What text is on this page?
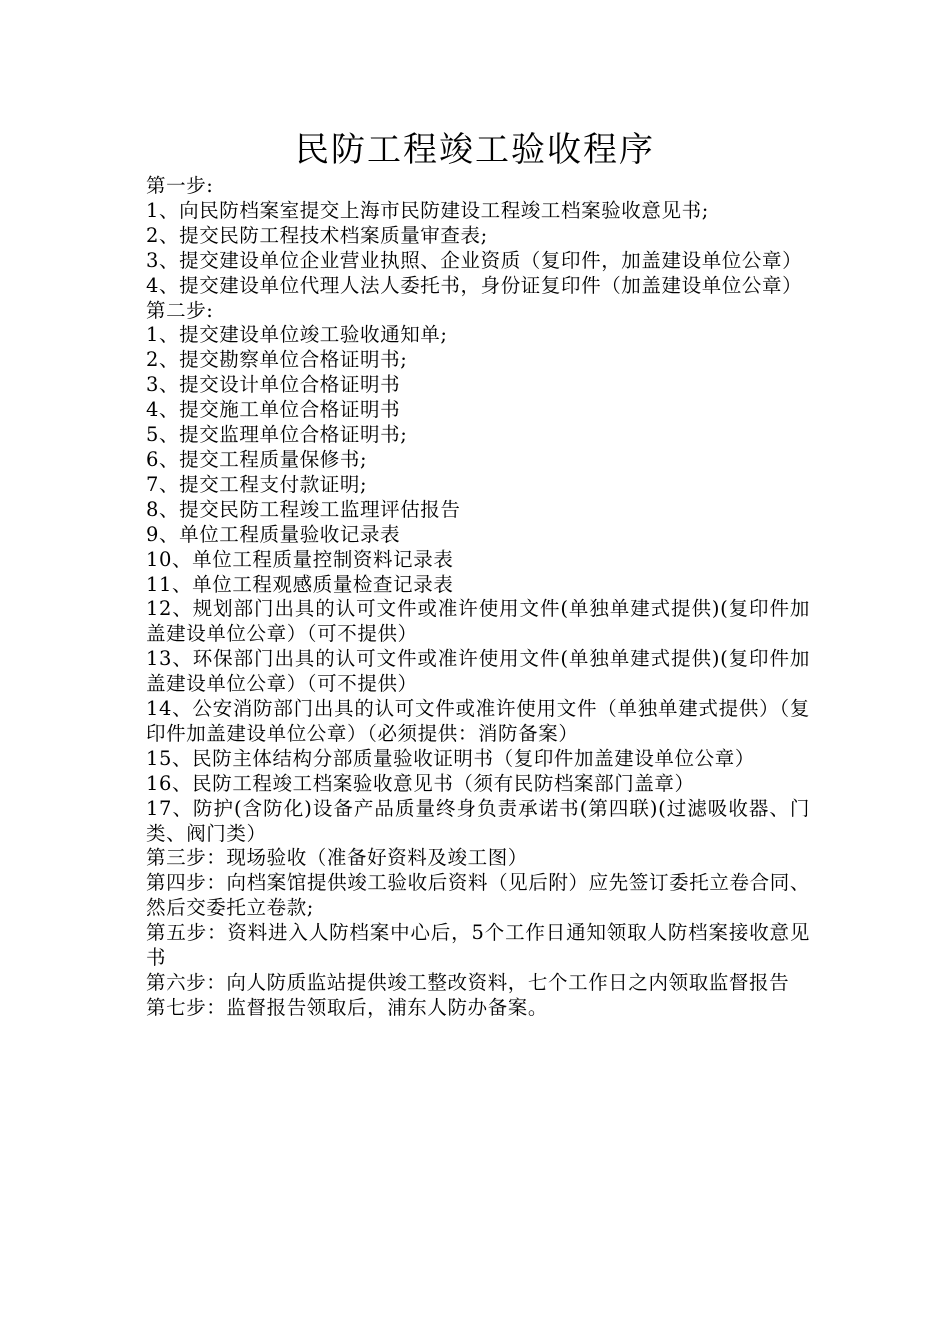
民防工程竣工验收程序
第一步:
1、向民防档案室提交上海市民防建设工程竣工档案验收意见书;
2、提交民防工程技术档案质量审查表;
3、提交建设单位企业营业执照、企业资质（复印件，加盖建设单位公章）
4、提交建设单位代理人法人委托书，身份证复印件（加盖建设单位公章）
第二步:
1、提交建设单位竣工验收通知单;
2、提交勘察单位合格证明书;
3、提交设计单位合格证明书
4、提交施工单位合格证明书
5、提交监理单位合格证明书;
6、提交工程质量保修书;
7、提交工程支付款证明;
8、提交民防工程竣工监理评估报告
9、单位工程质量验收记录表
10、单位工程质量控制资料记录表
11、单位工程观感质量检查记录表
12、规划部门出具的认可文件或准许使用文件(单独单建式提供)(复印件加盖建设单位公章）（可不提供）
13、环保部门出具的认可文件或准许使用文件(单独单建式提供)(复印件加盖建设单位公章）（可不提供）
14、公安消防部门出具的认可文件或准许使用文件（单独单建式提供）（复印件加盖建设单位公章）（必须提供：消防备案）
15、民防主体结构分部质量验收证明书（复印件加盖建设单位公章）
16、民防工程竣工档案验收意见书（须有民防档案部门盖章）
17、防护(含防化)设备产品质量终身负责承诺书(第四联)(过滤吸收器、门类、阀门类）
第三步：现场验收（准备好资料及竣工图）
第四步：向档案馆提供竣工验收后资料（见后附）应先签订委托立卷合同、然后交委托立卷款;
第五步：资料进入人防档案中心后，5个工作日通知领取人防档案接收意见书
第六步：向人防质监站提供竣工整改资料，七个工作日之内领取监督报告
第七步：监督报告领取后，浦东人防办备案。
